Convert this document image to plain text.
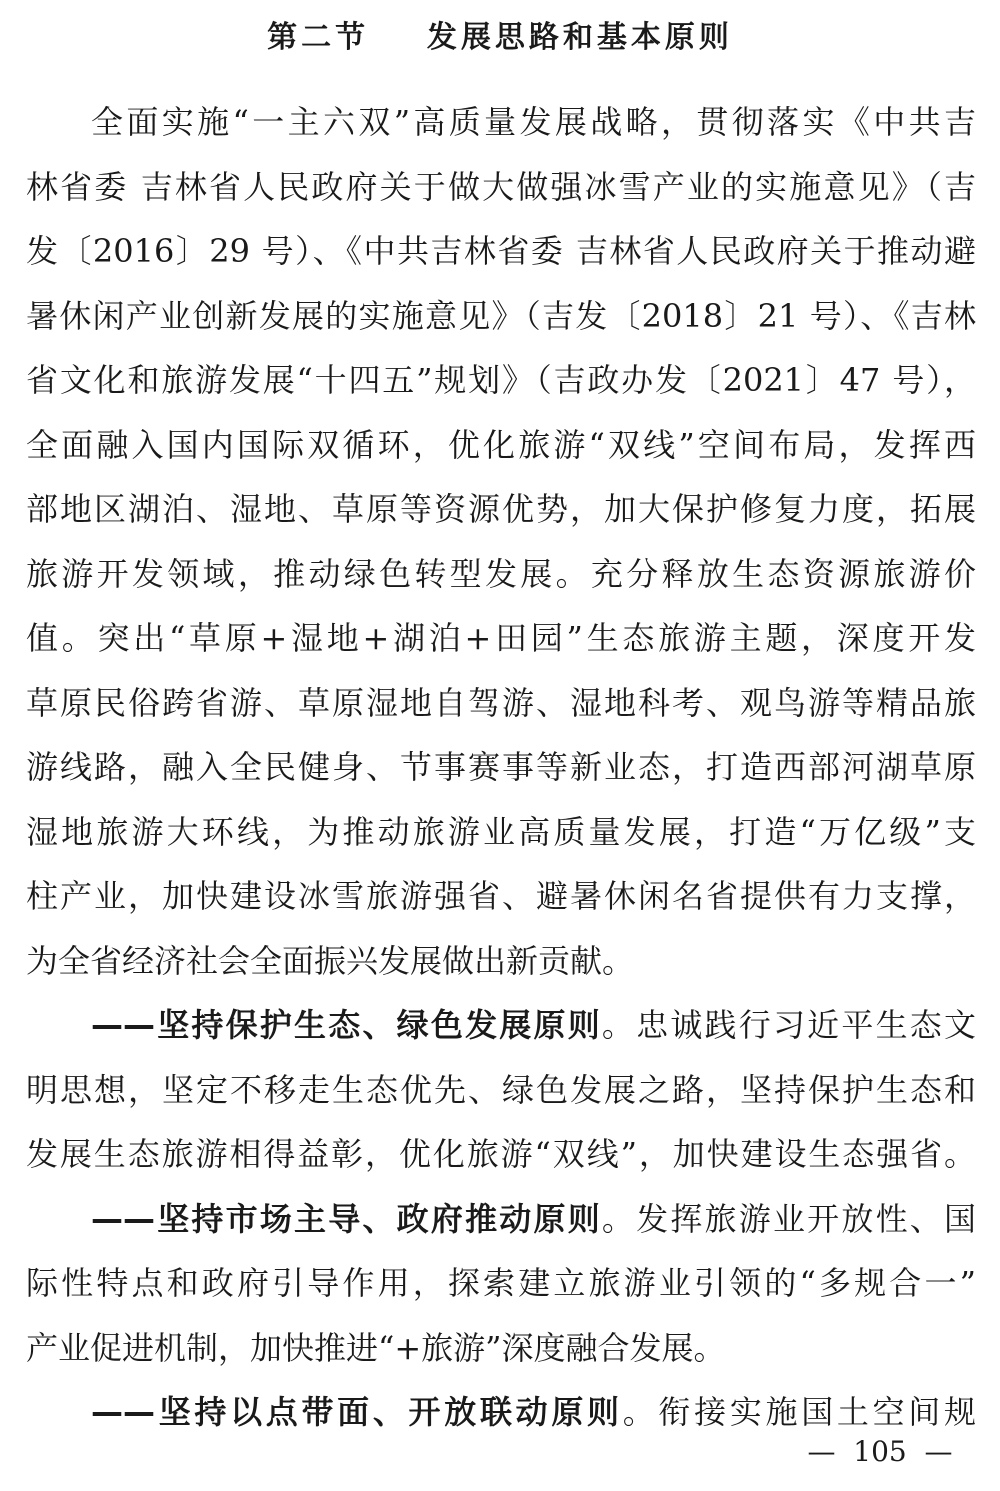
第二节    发展思路和基本原则
全面实施“一主六双”高质量发展战略，贯彻落实《中共吉
林省委 吉林省人民政府关于做大做强冰雪产业的实施意见》（吉
发〔2016〕29 号）、《中共吉林省委 吉林省人民政府关于推动避
暑休闲产业创新发展的实施意见》（吉发〔2018〕21 号）、《吉林
省文化和旅游发展“十四五”规划》（吉政办发〔2021〕47 号），
全面融入国内国际双循环，优化旅游“双线”空间布局，发挥西
部地区湖泊、湿地、草原等资源优势，加大保护修复力度，拓展
旅游开发领域，推动绿色转型发展。充分释放生态资源旅游价
值。突出“草原+湿地+湖泊+田园”生态旅游主题，深度开发
草原民俗跨省游、草原湿地自驾游、湿地科考、观鸟游等精品旅
游线路，融入全民健身、节事赛事等新业态，打造西部河湖草原
湿地旅游大环线，为推动旅游业高质量发展，打造“万亿级”支
柱产业，加快建设冰雪旅游强省、避暑休闲名省提供有力支撑，
为全省经济社会全面振兴发展做出新贡献。
——坚持保护生态、绿色发展原则。忠诚践行习近平生态文
明思想，坚定不移走生态优先、绿色发展之路，坚持保护生态和
发展生态旅游相得益彰，优化旅游“双线”，加快建设生态强省。
——坚持市场主导、政府推动原则。发挥旅游业开放性、国
际性特点和政府引导作用，探索建立旅游业引领的“多规合一”
产业促进机制，加快推进“+旅游”深度融合发展。
——坚持以点带面、开放联动原则。衔接实施国土空间规
—  105  —
